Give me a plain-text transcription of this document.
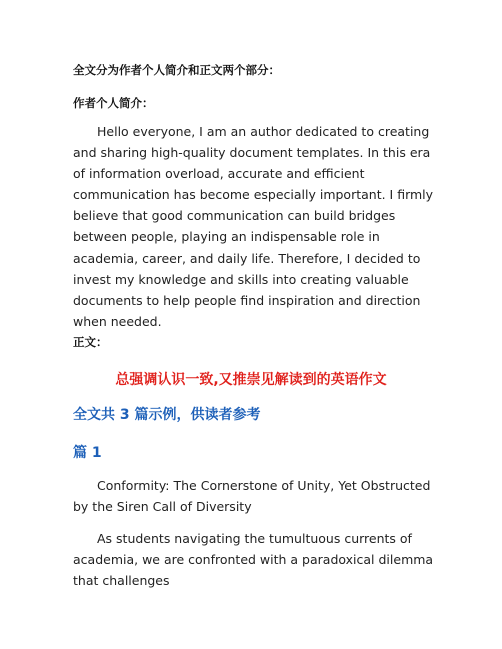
全文分为作者个人简介和正文两个部分：
作者个人简介：
Hello everyone, I am an author dedicated to creating and sharing high-quality document templates. In this era of information overload, accurate and efficient communication has become especially important. I firmly believe that good communication can build bridges between people, playing an indispensable role in academia, career, and daily life. Therefore, I decided to invest my knowledge and skills into creating valuable documents to help people find inspiration and direction when needed.
正文：
总强调认识一致,又推崇见解读到的英语作文
全文共 3 篇示例，供读者参考
篇 1
Conformity: The Cornerstone of Unity, Yet Obstructed by the Siren Call of Diversity
As students navigating the tumultuous currents of academia, we are confronted with a paradoxical dilemma that challenges
